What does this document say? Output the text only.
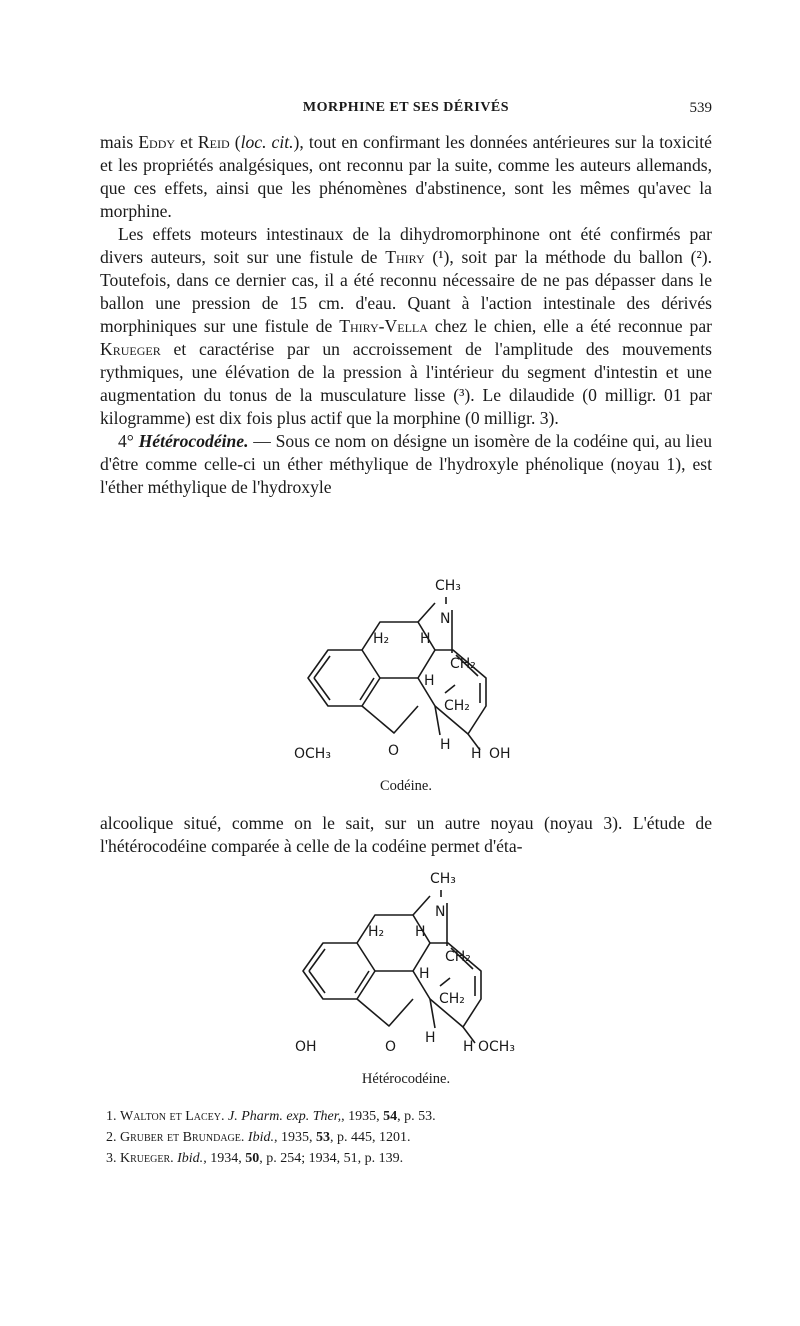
MORPHINE ET SES DÉRIVÉS	539

mais Eddy et Reid (loc. cit.), tout en confirmant les données antérieures sur la toxicité et les propriétés analgésiques, ont reconnu par la suite, comme les auteurs allemands, que ces effets, ainsi que les phénomènes d'abstinence, sont les mêmes qu'avec la morphine.

Les effets moteurs intestinaux de la dihydromorphinone ont été confirmés par divers auteurs, soit sur une fistule de Thiry (¹), soit par la méthode du ballon (²). Toutefois, dans ce dernier cas, il a été reconnu nécessaire de ne pas dépasser dans le ballon une pression de 15 cm. d'eau. Quant à l'action intestinale des dérivés morphiniques sur une fistule de Thiry-Vella chez le chien, elle a été reconnue par Krueger et caractérise par un accroissement de l'amplitude des mouvements rythmiques, une élévation de la pression à l'intérieur du segment d'intestin et une augmentation du tonus de la musculature lisse (³). Le dilaudide (0 milligr. 01 par kilogramme) est dix fois plus actif que la morphine (0 milligr. 3).

4° Hétérocodéine. — Sous ce nom on désigne un isomère de la codéine qui, au lieu d'être comme celle-ci un éther méthylique de l'hydroxyle phénolique (noyau 1), est l'éther méthylique de l'hydroxyle

CH₃
N
H₂ H
CH₂
H
CH₂
OCH₃	O	H
H OH
Codéine.

alcoolique situé, comme on le sait, sur un autre noyau (noyau 3). L'étude de l'hétérocodéine comparée à celle de la codéine permet d'éta-

CH₃
N
H₂ H
CH₂
H
CH₂
OH	O
H
H OCH₃
Hétérocodéine.
1. Walton et Lacey. J. Pharm. exp. Ther,, 1935, 54, p. 53.
2. Gruber et Brundage. Ibid., 1935, 53, p. 445, 1201.
3. Krueger. Ibid., 1934, 50, p. 254; 1934, 51, p. 139.
